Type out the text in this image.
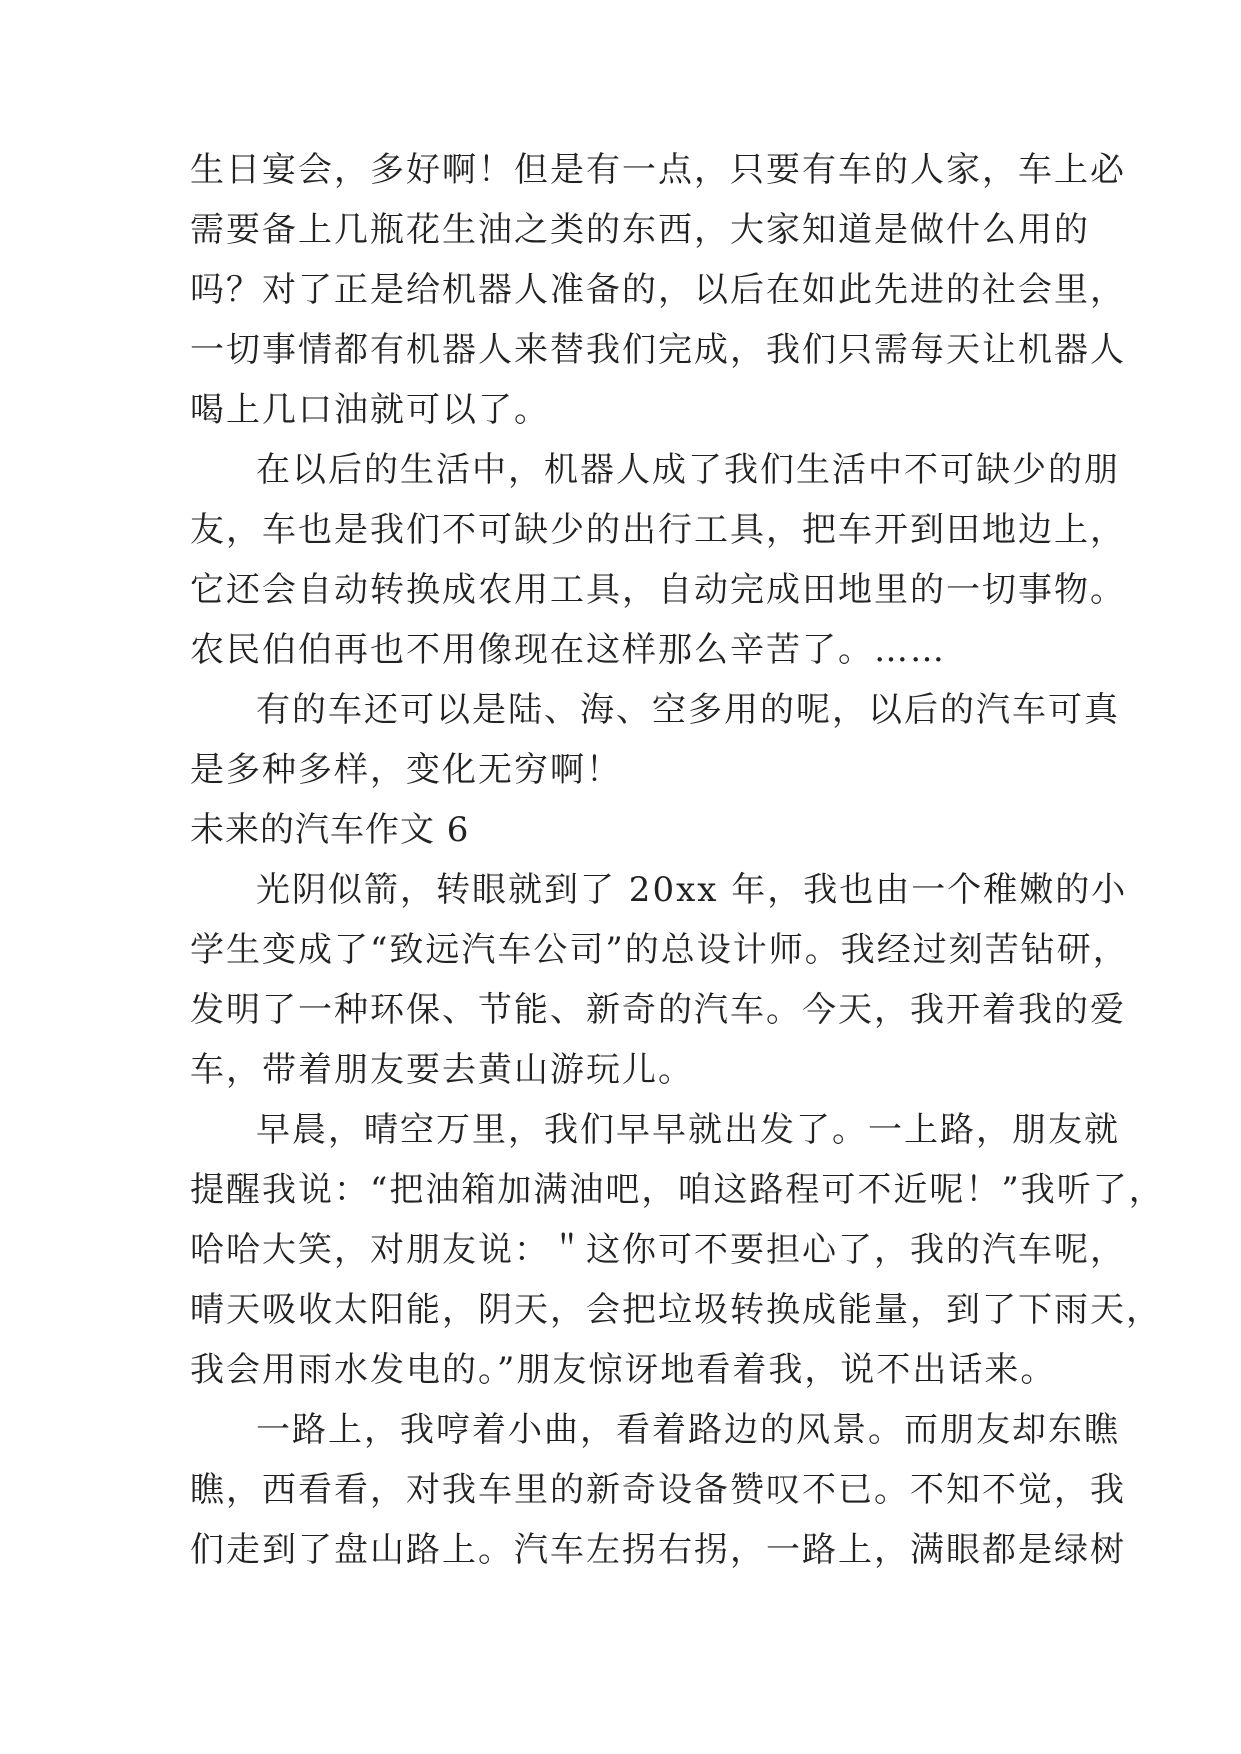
生日宴会，多好啊！但是有一点，只要有车的人家，车上必
需要备上几瓶花生油之类的东西，大家知道是做什么用的
吗？对了正是给机器人准备的，以后在如此先进的社会里，
一切事情都有机器人来替我们完成，我们只需每天让机器人
喝上几口油就可以了。
在以后的生活中，机器人成了我们生活中不可缺少的朋
友，车也是我们不可缺少的出行工具，把车开到田地边上，
它还会自动转换成农用工具，自动完成田地里的一切事物。
农民伯伯再也不用像现在这样那么辛苦了。……
有的车还可以是陆、海、空多用的呢，以后的汽车可真
是多种多样，变化无穷啊！
未来的汽车作文 6
光阴似箭，转眼就到了 20xx 年，我也由一个稚嫩的小
学生变成了“致远汽车公司”的总设计师。我经过刻苦钻研，
发明了一种环保、节能、新奇的汽车。今天，我开着我的爱
车，带着朋友要去黄山游玩儿。
早晨，晴空万里，我们早早就出发了。一上路，朋友就
提醒我说：“把油箱加满油吧，咱这路程可不近呢！”我听了，
哈哈大笑，对朋友说：＂这你可不要担心了，我的汽车呢，
晴天吸收太阳能，阴天，会把垃圾转换成能量，到了下雨天，
我会用雨水发电的。”朋友惊讶地看着我，说不出话来。
一路上，我哼着小曲，看着路边的风景。而朋友却东瞧
瞧，西看看，对我车里的新奇设备赞叹不已。不知不觉，我
们走到了盘山路上。汽车左拐右拐，一路上，满眼都是绿树
